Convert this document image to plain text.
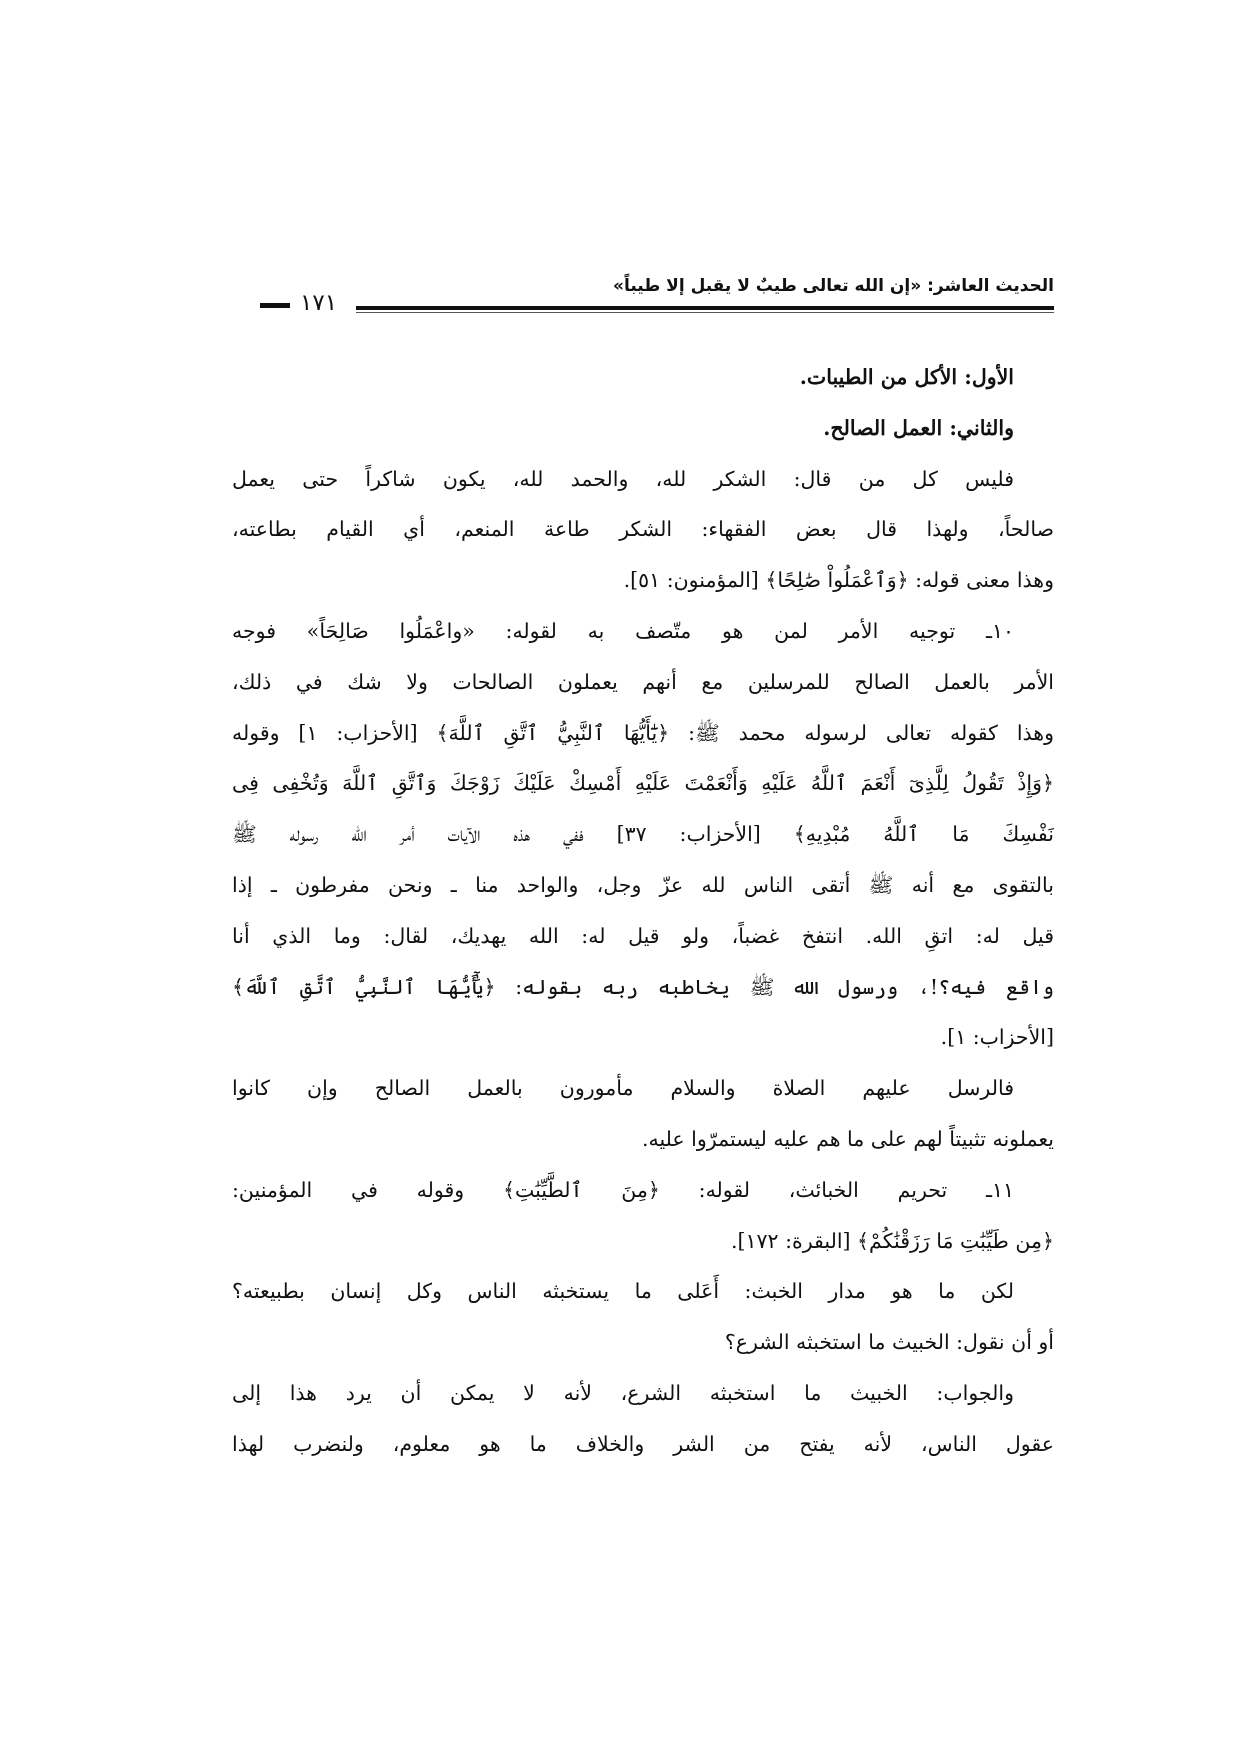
الحديث العاشر: «إن الله تعالى طيبٌ لا يقبل إلا طيباً»
١٧١
الأول: الأكل من الطيبات.
والثاني: العمل الصالح.
فليس كل من قال: الشكر لله، والحمد لله، يكون شاكراً حتى يعمل
صالحاً، ولهذا قال بعض الفقهاء: الشكر طاعة المنعم، أي القيام بطاعته،
وهذا معنى قوله: ﴿وَٱعْمَلُواْ صَٰلِحًا﴾ [المؤمنون: ٥١].
١٠ـ توجيه الأمر لمن هو متّصف به لقوله: «واعْمَلُوا صَالِحَاً» فوجه
الأمر بالعمل الصالح للمرسلين مع أنهم يعملون الصالحات ولا شك في ذلك،
وهذا كقوله تعالى لرسوله محمد ﷺ: ﴿يَٰٓأَيُّهَا ٱلنَّبِيُّ ٱتَّقِ ٱللَّهَ﴾ [الأحزاب: ١] وقوله
﴿وَإِذْ تَقُولُ لِلَّذِىٓ أَنْعَمَ ٱللَّهُ عَلَيْهِ وَأَنْعَمْتَ عَلَيْهِ أَمْسِكْ عَلَيْكَ زَوْجَكَ وَٱتَّقِ ٱللَّهَ وَتُخْفِى فِى
نَفْسِكَ مَا ٱللَّهُ مُبْدِيهِ﴾ [الأحزاب: ٣٧] ففي هذه الآيات أمر الله رسوله ﷺ
بالتقوى مع أنه ﷺ أتقى الناس لله عزّ وجل، والواحد منا ـ ونحن مفرطون ـ إذا
قيل له: اتقِ الله. انتفخ غضباً، ولو قيل له: الله يهديك، لقال: وما الذي أنا
واقع فيه؟!، ورسول الله ﷺ يخاطبه ربه بقوله: ﴿يَٰٓأَيُّهَا ٱلنَّبِيُّ ٱتَّقِ ٱللَّهَ﴾
[الأحزاب: ١].
فالرسل عليهم الصلاة والسلام مأمورون بالعمل الصالح وإن كانوا
يعملونه تثبيتاً لهم على ما هم عليه ليستمرّوا عليه.
١١ـ تحريم الخبائث، لقوله: ﴿مِنَ ٱلطَّيِّبَٰتِ﴾ وقوله في المؤمنين:
﴿مِن طَيِّبَٰتِ مَا رَزَقْنَٰكُمْ﴾ [البقرة: ١٧٢].
لكن ما هو مدار الخبث: أَعَلى ما يستخبثه الناس وكل إنسان بطبيعته؟
أو أن نقول: الخبيث ما استخبثه الشرع؟
والجواب: الخبيث ما استخبثه الشرع، لأنه لا يمكن أن يرد هذا إلى
عقول الناس، لأنه يفتح من الشر والخلاف ما هو معلوم، ولنضرب لهذا
